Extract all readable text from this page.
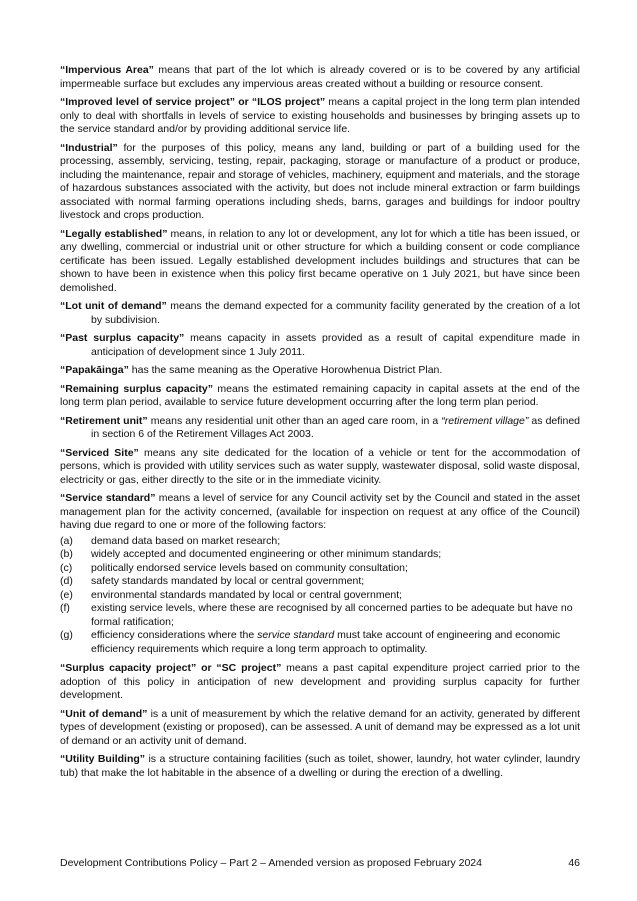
“Impervious Area” means that part of the lot which is already covered or is to be covered by any artificial impermeable surface but excludes any impervious areas created without a building or resource consent.

“Improved level of service project” or “ILOS project” means a capital project in the long term plan intended only to deal with shortfalls in levels of service to existing households and businesses by bringing assets up to the service standard and/or by providing additional service life.

“Industrial” for the purposes of this policy, means any land, building or part of a building used for the processing, assembly, servicing, testing, repair, packaging, storage or manufacture of a product or produce, including the maintenance, repair and storage of vehicles, machinery, equipment and materials, and the storage of hazardous substances associated with the activity, but does not include mineral extraction or farm buildings associated with normal farming operations including sheds, barns, garages and buildings for indoor poultry livestock and crops production.

“Legally established” means, in relation to any lot or development, any lot for which a title has been issued, or any dwelling, commercial or industrial unit or other structure for which a building consent or code compliance certificate has been issued. Legally established development includes buildings and structures that can be shown to have been in existence when this policy first became operative on 1 July 2021, but have since been demolished.

“Lot unit of demand” means the demand expected for a community facility generated by the creation of a lot by subdivision.

“Past surplus capacity” means capacity in assets provided as a result of capital expenditure made in anticipation of development since 1 July 2011.

“Papakāinga” has the same meaning as the Operative Horowhenua District Plan.

“Remaining surplus capacity” means the estimated remaining capacity in capital assets at the end of the long term plan period, available to service future development occurring after the long term plan period.

“Retirement unit” means any residential unit other than an aged care room, in a “retirement village” as defined in section 6 of the Retirement Villages Act 2003.

“Serviced Site” means any site dedicated for the location of a vehicle or tent for the accommodation of persons, which is provided with utility services such as water supply, wastewater disposal, solid waste disposal, electricity or gas, either directly to the site or in the immediate vicinity.

“Service standard” means a level of service for any Council activity set by the Council and stated in the asset management plan for the activity concerned, (available for inspection on request at any office of the Council) having due regard to one or more of the following factors:

(a)	demand data based on market research;
(b)	widely accepted and documented engineering or other minimum standards;
(c)	politically endorsed service levels based on community consultation;
(d)	safety standards mandated by local or central government;
(e)	environmental standards mandated by local or central government;
(f)	existing service levels, where these are recognised by all concerned parties to be adequate but have no formal ratification;
(g)	efficiency considerations where the service standard must take account of engineering and economic efficiency requirements which require a long term approach to optimality.

“Surplus capacity project” or “SC project” means a past capital expenditure project carried prior to the adoption of this policy in anticipation of new development and providing surplus capacity for further development.

“Unit of demand” is a unit of measurement by which the relative demand for an activity, generated by different types of development (existing or proposed), can be assessed. A unit of demand may be expressed as a lot unit of demand or an activity unit of demand.

“Utility Building” is a structure containing facilities (such as toilet, shower, laundry, hot water cylinder, laundry tub) that make the lot habitable in the absence of a dwelling or during the erection of a dwelling.

Development Contributions Policy – Part 2 – Amended version as proposed February 2024	46
